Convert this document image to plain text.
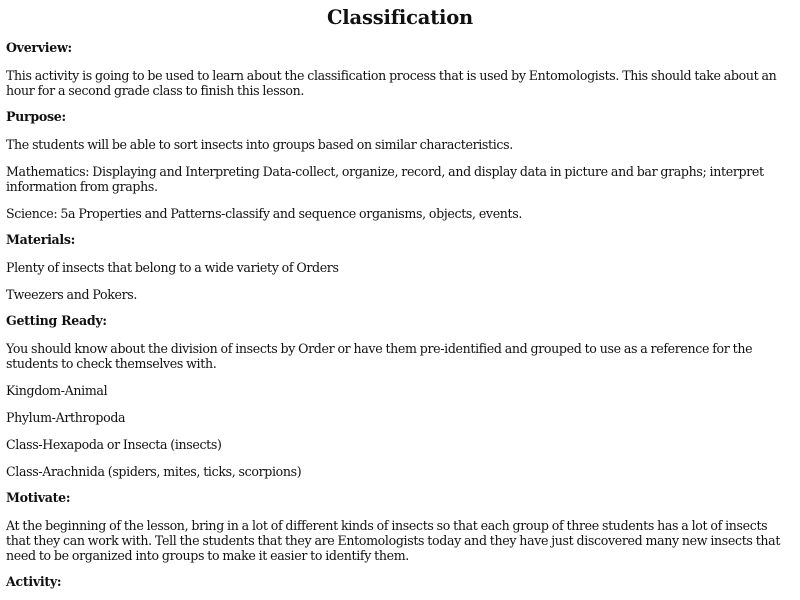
Classification
Overview:

This activity is going to be used to learn about the classification process that is used by Entomologists. This should take about an hour for a second grade class to finish this lesson.

Purpose:

The students will be able to sort insects into groups based on similar characteristics.

Mathematics: Displaying and Interpreting Data-collect, organize, record, and display data in picture and bar graphs; interpret information from graphs.

Science: 5a Properties and Patterns-classify and sequence organisms, objects, events.

Materials:

Plenty of insects that belong to a wide variety of Orders

Tweezers and Pokers.

Getting Ready:

You should know about the division of insects by Order or have them pre-identified and grouped to use as a reference for the students to check themselves with.

Kingdom-Animal

Phylum-Arthropoda

Class-Hexapoda or Insecta (insects)

Class-Arachnida (spiders, mites, ticks, scorpions)

Motivate:

At the beginning of the lesson, bring in a lot of different kinds of insects so that each group of three students has a lot of insects that they can work with. Tell the students that they are Entomologists today and they have just discovered many new insects that need to be organized into groups to make it easier to identify them.

Activity:
